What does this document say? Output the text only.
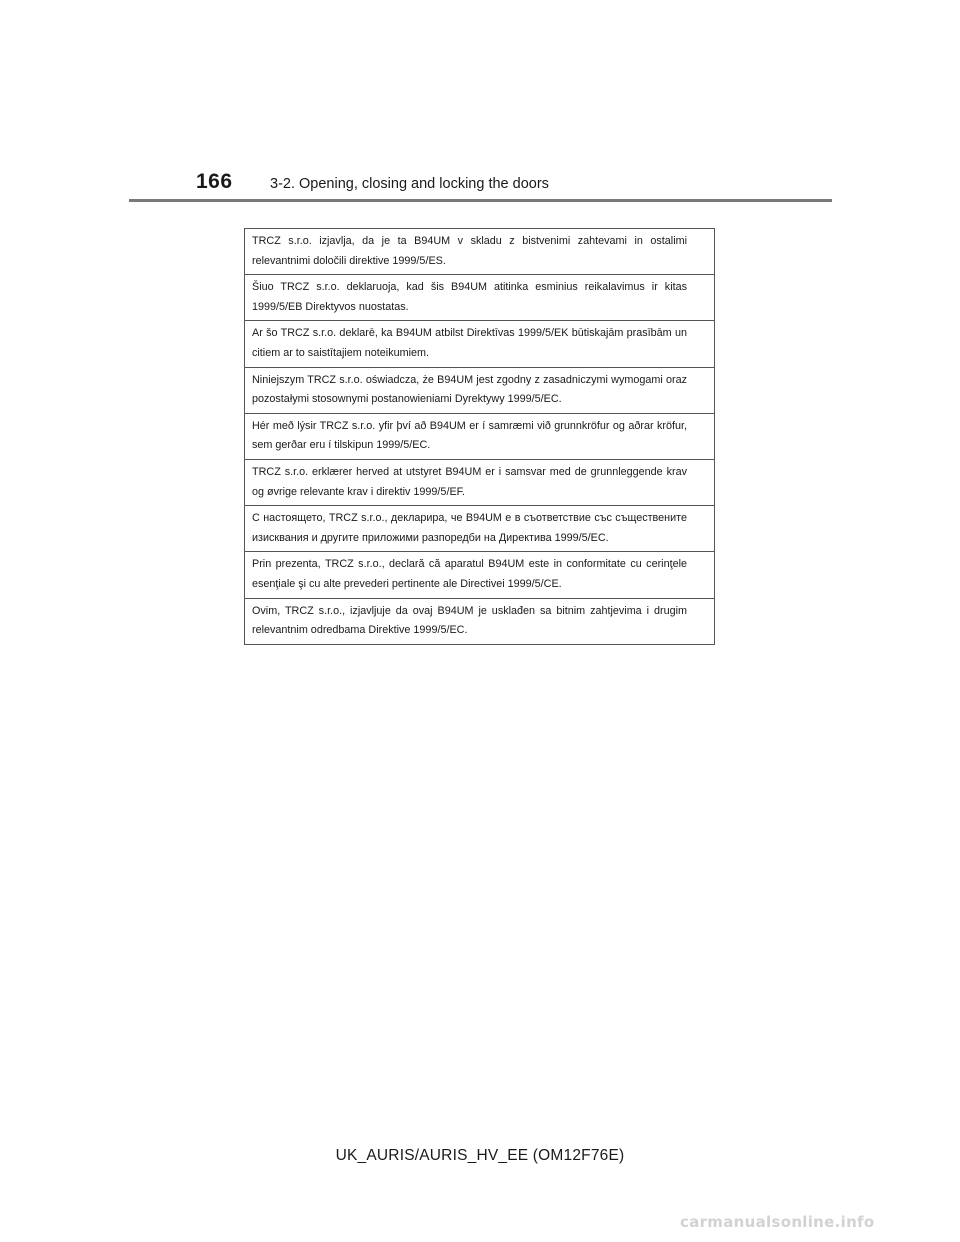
166	3-2. Opening, closing and locking the doors
TRCZ s.r.o. izjavlja, da je ta B94UM v skladu z bistvenimi zahtevami in ostalimi relevantnimi določili direktive 1999/5/ES.
Šiuo TRCZ s.r.o. deklaruoja, kad šis B94UM atitinka esminius reikalavimus ir kitas 1999/5/EB Direktyvos nuostatas.
Ar šo TRCZ s.r.o. deklarē, ka B94UM atbilst Direktīvas 1999/5/EK būtiskajām prasībām un citiem ar to saistītajiem noteikumiem.
Niniejszym TRCZ s.r.o. oświadcza, że B94UM jest zgodny z zasadniczymi wymogami oraz pozostałymi stosownymi postanowieniami Dyrektywy 1999/5/EC.
Hér með lýsir TRCZ s.r.o. yfir því að B94UM er í samræmi við grunnkröfur og aðrar kröfur, sem gerðar eru í tilskipun 1999/5/EC.
TRCZ s.r.o. erklærer herved at utstyret B94UM er i samsvar med de grunnleggende krav og øvrige relevante krav i direktiv 1999/5/EF.
С настоящето, TRCZ s.r.o., декларира, че B94UM е в съответствие със съществените изисквания и другите приложими разпоредби на Директива 1999/5/EC.
Prin prezenta, TRCZ s.r.o., declară că aparatul B94UM este in conformitate cu cerinţele esenţiale şi cu alte prevederi pertinente ale Directivei 1999/5/CE.
Ovim, TRCZ s.r.o., izjavljuje da ovaj B94UM je usklađen sa bitnim zahtjevima i drugim relevantnim odredbama Direktive 1999/5/EC.
UK_AURIS/AURIS_HV_EE (OM12F76E)
carmanualsonline.info
